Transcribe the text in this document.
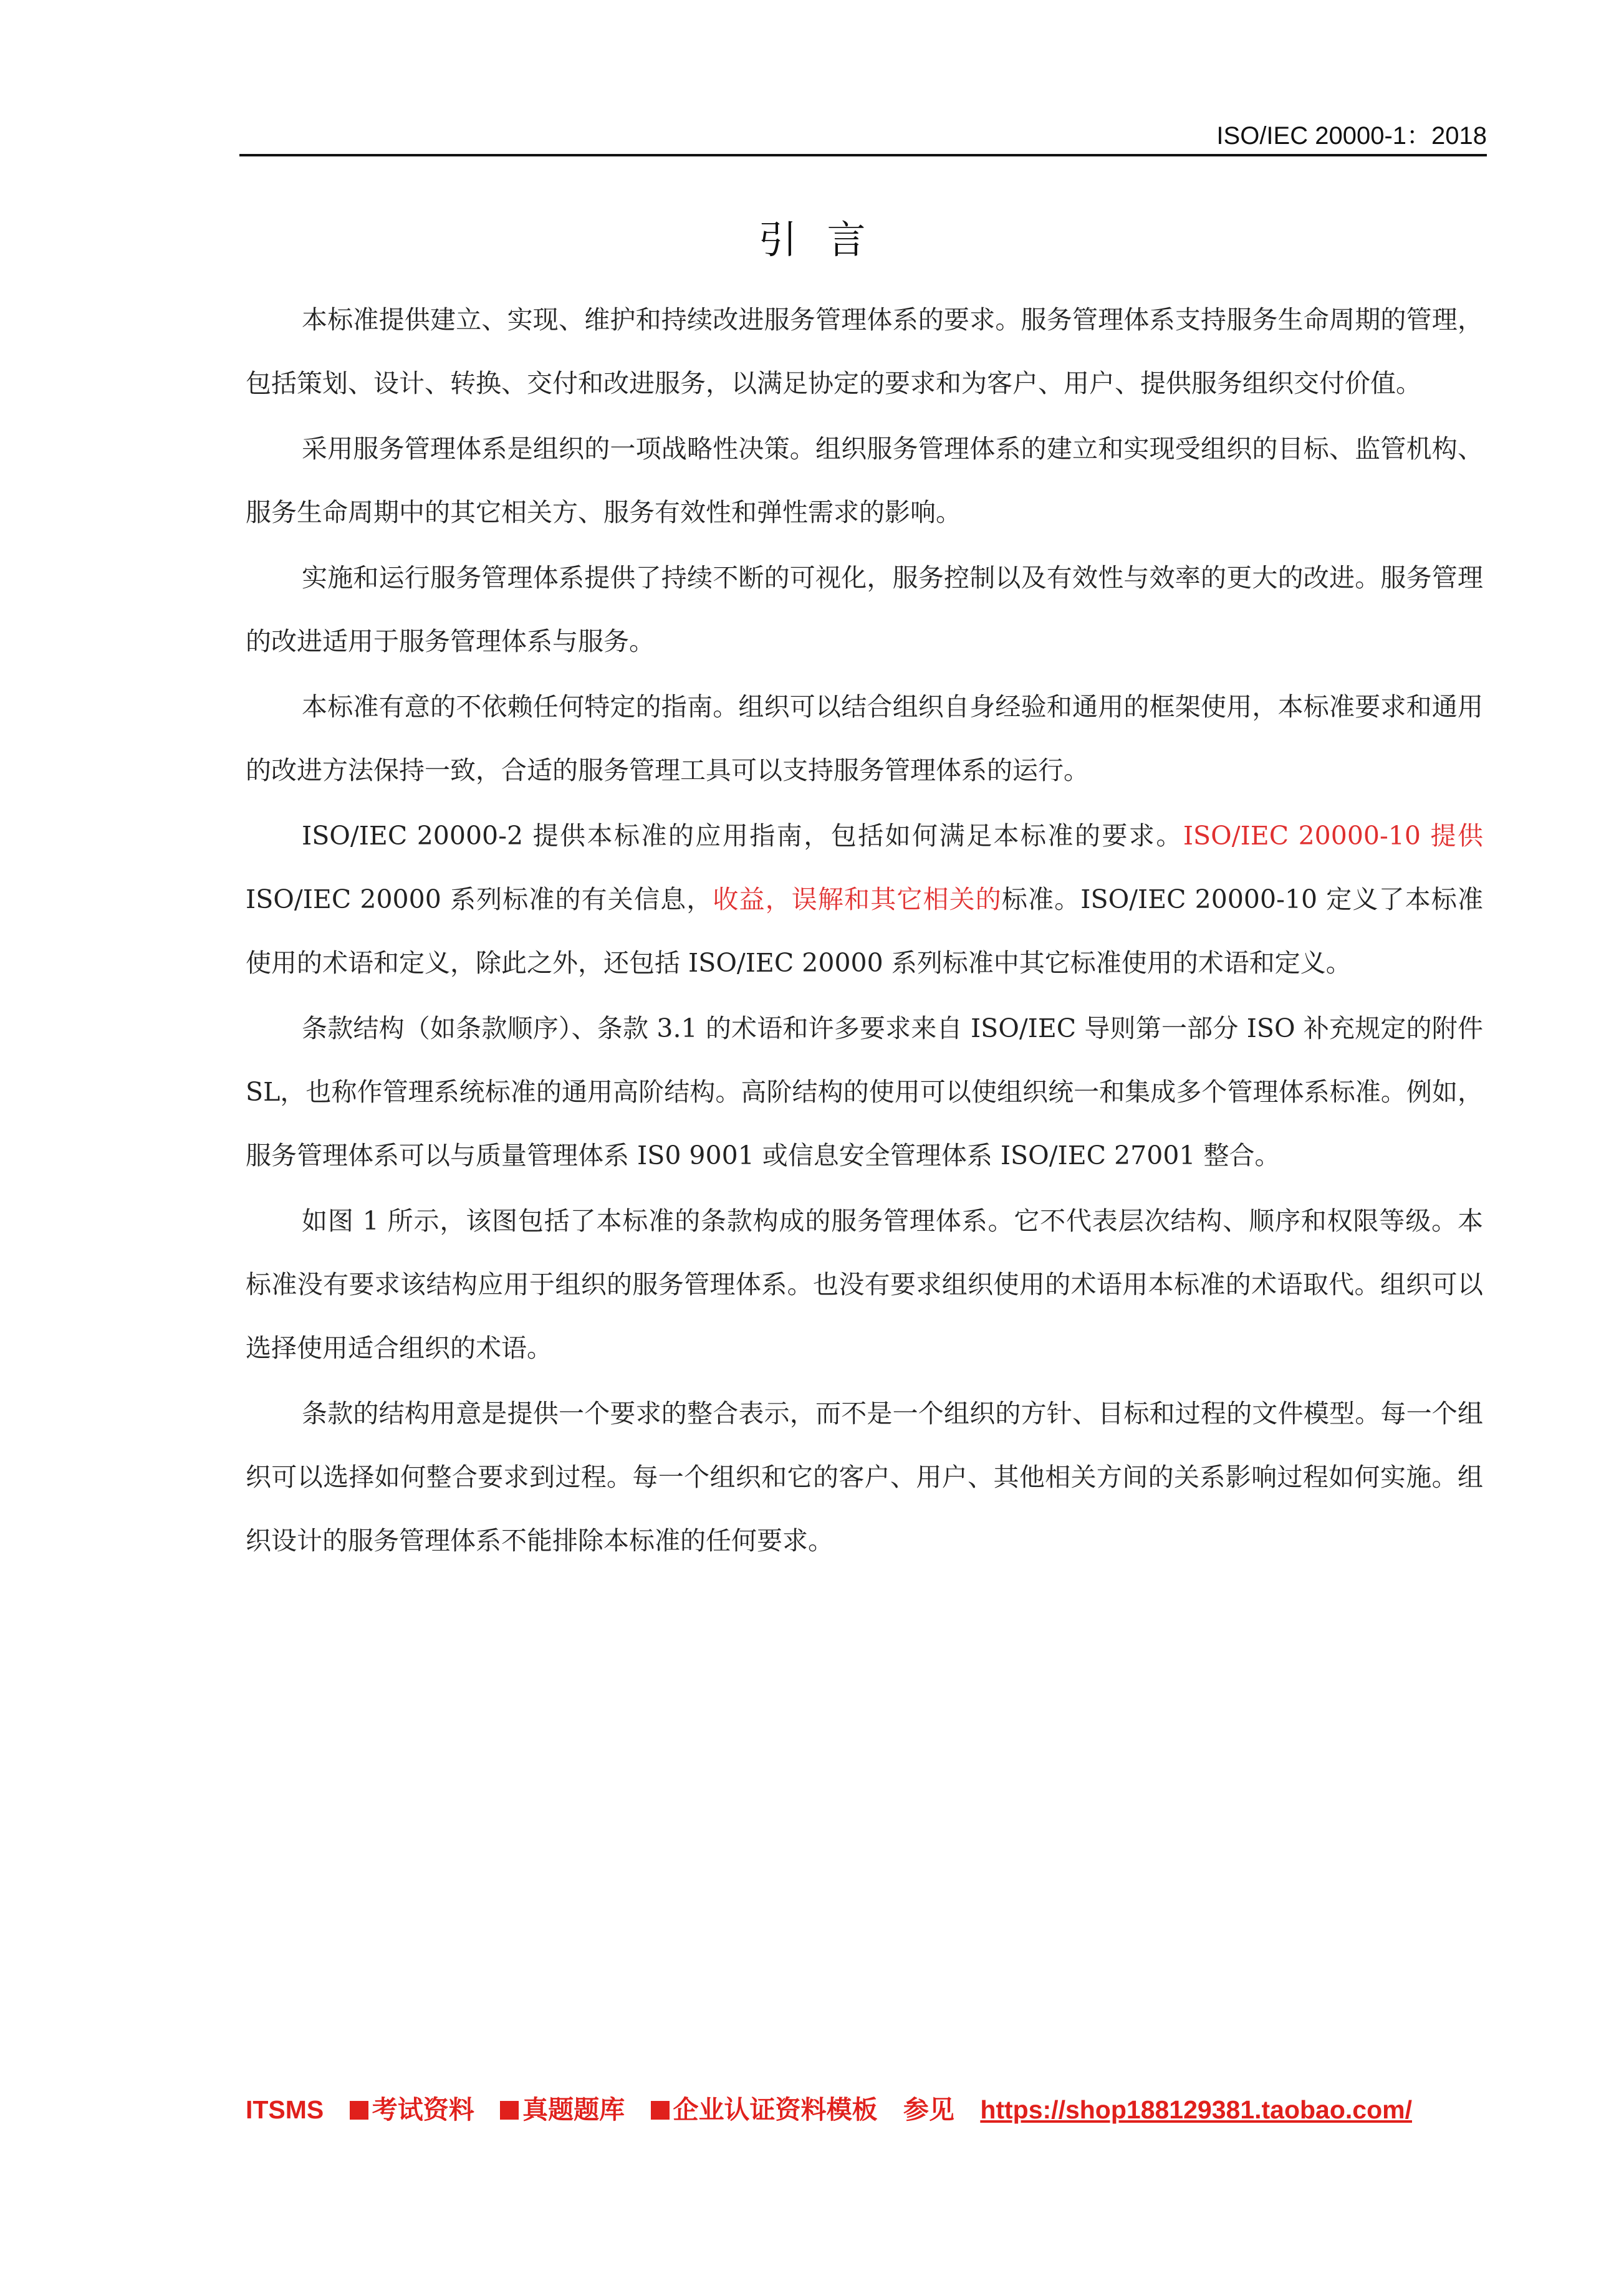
ISO/IEC 20000-1：2018
引言

本标准提供建立、实现、维护和持续改进服务管理体系的要求。服务管理体系支持服务生命周期的管理，包括策划、设计、转换、交付和改进服务，以满足协定的要求和为客户、用户、提供服务组织交付价值。

采用服务管理体系是组织的一项战略性决策。组织服务管理体系的建立和实现受组织的目标、监管机构、服务生命周期中的其它相关方、服务有效性和弹性需求的影响。

实施和运行服务管理体系提供了持续不断的可视化，服务控制以及有效性与效率的更大的改进。服务管理的改进适用于服务管理体系与服务。

本标准有意的不依赖任何特定的指南。组织可以结合组织自身经验和通用的框架使用，本标准要求和通用的改进方法保持一致，合适的服务管理工具可以支持服务管理体系的运行。

ISO/IEC 20000-2 提供本标准的应用指南，包括如何满足本标准的要求。ISO/IEC 20000-10 提供ISO/IEC 20000 系列标准的有关信息，收益，误解和其它相关的标准。ISO/IEC 20000-10 定义了本标准使用的术语和定义，除此之外，还包括 ISO/IEC 20000 系列标准中其它标准使用的术语和定义。

条款结构（如条款顺序）、条款 3.1 的术语和许多要求来自 ISO/IEC 导则第一部分 ISO 补充规定的附件 SL，也称作管理系统标准的通用高阶结构。高阶结构的使用可以使组织统一和集成多个管理体系标准。例如，服务管理体系可以与质量管理体系 IS0 9001 或信息安全管理体系 ISO/IEC 27001 整合。

如图 1 所示，该图包括了本标准的条款构成的服务管理体系。它不代表层次结构、顺序和权限等级。本标准没有要求该结构应用于组织的服务管理体系。也没有要求组织使用的术语用本标准的术语取代。组织可以选择使用适合组织的术语。

条款的结构用意是提供一个要求的整合表示，而不是一个组织的方针、目标和过程的文件模型。每一个组织可以选择如何整合要求到过程。每一个组织和它的客户、用户、其他相关方间的关系影响过程如何实施。组织设计的服务管理体系不能排除本标准的任何要求。

ITSMS 考试资料 真题题库 企业认证资料模板 参见 https://shop188129381.taobao.com/
